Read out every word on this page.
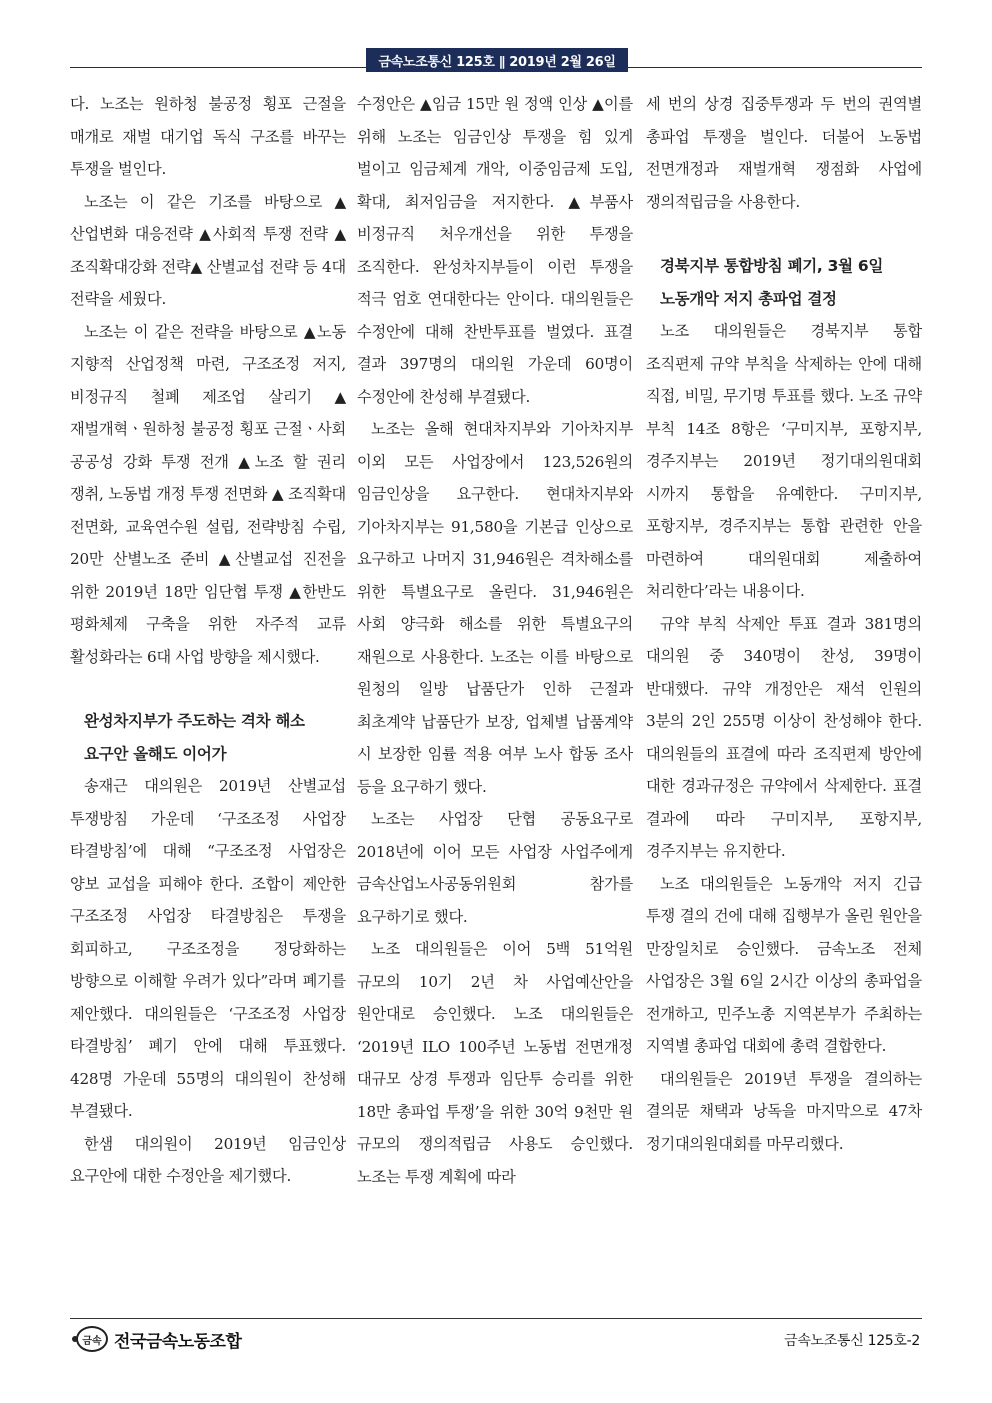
금속노조통신 125호 ∥ 2019년 2월 26일

다. 노조는 원하청 불공정 횡포 근절을 매개로 재벌 대기업 독식 구조를 바꾸는 투쟁을 벌인다.

노조는 이 같은 기조를 바탕으로 ▲산업변화 대응전략 ▲사회적 투쟁 전략 ▲조직확대강화 전략▲ 산별교섭 전략 등 4대 전략을 세웠다.

노조는 이 같은 전략을 바탕으로 ▲노동 지향적 산업정책 마련, 구조조정 저지, 비정규직 철폐 제조업 살리기 ▲재벌개혁ㆍ원하청 불공정 횡포 근절ㆍ사회 공공성 강화 투쟁 전개 ▲노조 할 권리 쟁취, 노동법 개정 투쟁 전면화 ▲ 조직확대 전면화, 교육연수원 설립, 전략방침 수립, 20만 산별노조 준비 ▲산별교섭 진전을 위한 2019년 18만 임단협 투쟁 ▲한반도 평화체제 구축을 위한 자주적 교류 활성화라는 6대 사업 방향을 제시했다.

완성차지부가 주도하는 격차 해소 요구안 올해도 이어가

송재근 대의원은 2019년 산별교섭 투쟁방침 가운데 ‘구조조정 사업장 타결방침’에 대해 “구조조정 사업장은 양보 교섭을 피해야 한다. 조합이 제안한 구조조정 사업장 타결방침은 투쟁을 회피하고, 구조조정을 정당화하는 방향으로 이해할 우려가 있다”라며 폐기를 제안했다. 대의원들은 ‘구조조정 사업장 타결방침’ 폐기 안에 대해 투표했다. 428명 가운데 55명의 대의원이 찬성해 부결됐다.

한샘 대의원이 2019년 임금인상 요구안에 대한 수정안을 제기했다.

수정안은 ▲임금 15만 원 정액 인상 ▲이를 위해 노조는 임금인상 투쟁을 힘 있게 벌이고 임금체계 개악, 이중임금제 도입, 확대, 최저임금을 저지한다. ▲부품사 비정규직 처우개선을 위한 투쟁을 조직한다. 완성차지부들이 이런 투쟁을 적극 엄호 연대한다는 안이다. 대의원들은 수정안에 대해 찬반투표를 벌였다. 표결 결과 397명의 대의원 가운데 60명이 수정안에 찬성해 부결됐다.

노조는 올해 현대차지부와 기아차지부 이외 모든 사업장에서 123,526원의 임금인상을 요구한다. 현대차지부와 기아차지부는 91,580을 기본급 인상으로 요구하고 나머지 31,946원은 격차해소를 위한 특별요구로 올린다. 31,946원은 사회 양극화 해소를 위한 특별요구의 재원으로 사용한다. 노조는 이를 바탕으로 원청의 일방 납품단가 인하 근절과 최초계약 납품단가 보장, 업체별 납품계약 시 보장한 임률 적용 여부 노사 합동 조사 등을 요구하기 했다.

노조는 사업장 단협 공동요구로 2018년에 이어 모든 사업장 사업주에게 금속산업노사공동위원회 참가를 요구하기로 했다.

노조 대의원들은 이어 5백 51억원 규모의 10기 2년 차 사업예산안을 원안대로 승인했다. 노조 대의원들은 ‘2019년 ILO 100주년 노동법 전면개정 대규모 상경 투쟁과 임단투 승리를 위한 18만 총파업 투쟁’을 위한 30억 9천만 원 규모의 쟁의적립금 사용도 승인했다. 노조는 투쟁 계획에 따라

세 번의 상경 집중투쟁과 두 번의 권역별 총파업 투쟁을 벌인다. 더불어 노동법 전면개정과 재벌개혁 쟁점화 사업에 쟁의적립금을 사용한다.

경북지부 통합방침 폐기, 3월 6일 노동개악 저지 총파업 결정

노조 대의원들은 경북지부 통합 조직편제 규약 부칙을 삭제하는 안에 대해 직접, 비밀, 무기명 투표를 했다. 노조 규약 부칙 14조 8항은 ‘구미지부, 포항지부, 경주지부는 2019년 정기대의원대회 시까지 통합을 유예한다. 구미지부, 포항지부, 경주지부는 통합 관련한 안을 마련하여 대의원대회 제출하여 처리한다’라는 내용이다.

규약 부칙 삭제안 투표 결과 381명의 대의원 중 340명이 찬성, 39명이 반대했다. 규약 개정안은 재석 인원의 3분의 2인 255명 이상이 찬성해야 한다. 대의원들의 표결에 따라 조직편제 방안에 대한 경과규정은 규약에서 삭제한다. 표결 결과에 따라 구미지부, 포항지부, 경주지부는 유지한다.

노조 대의원들은 노동개악 저지 긴급 투쟁 결의 건에 대해 집행부가 올린 원안을 만장일치로 승인했다. 금속노조 전체 사업장은 3월 6일 2시간 이상의 총파업을 전개하고, 민주노총 지역본부가 주최하는 지역별 총파업 대회에 총력 결합한다.

대의원들은 2019년 투쟁을 결의하는 결의문 채택과 낭독을 마지막으로 47차 정기대의원대회를 마무리했다.

금속 전국금속노동조합	금속노조통신 125호-2
